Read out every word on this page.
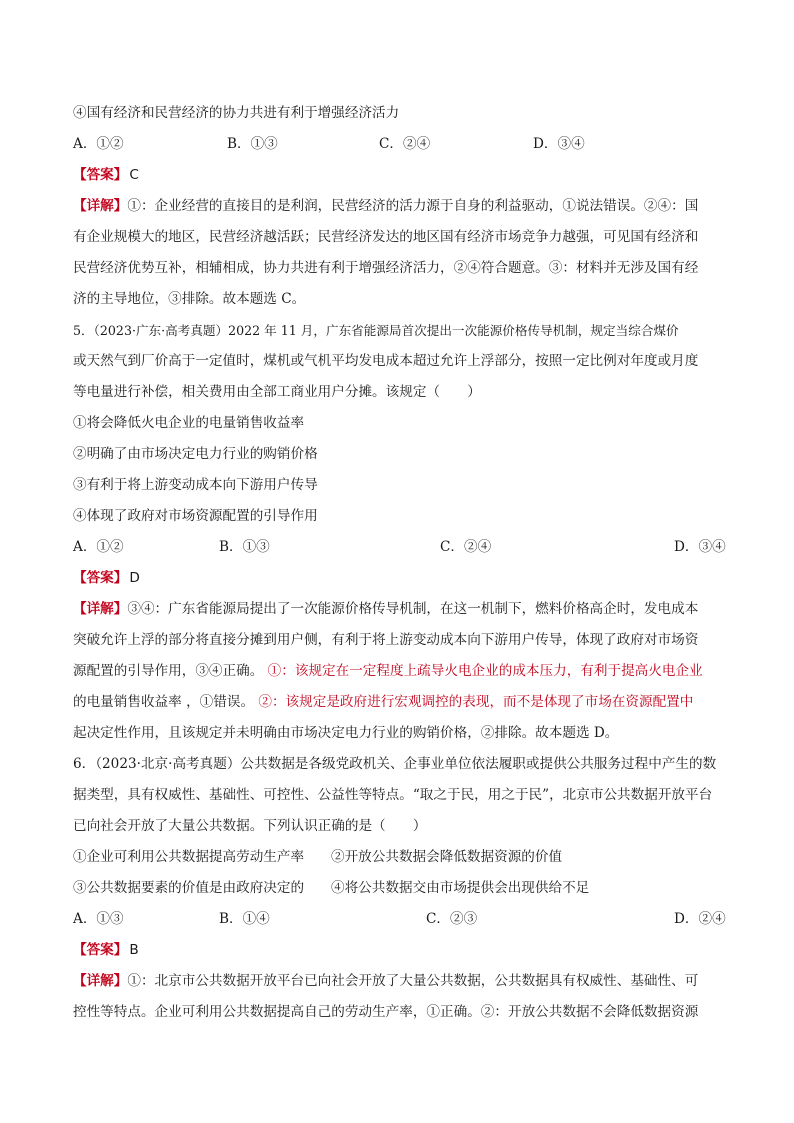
④国有经济和民营经济的协力共进有利于增强经济活力
A．①②	B．①③	C．②④	D．③④
【答案】 C
【详解】①：企业经营的直接目的是利润，民营经济的活力源于自身的利益驱动，①说法错误。②④：国
有企业规模大的地区，民营经济越活跃；民营经济发达的地区国有经济市场竞争力越强，可见国有经济和
民营经济优势互补，相辅相成，协力共进有利于增强经济活力，②④符合题意。③：材料并无涉及国有经
济的主导地位，③排除。故本题选 C。
5．（2023·广东·高考真题）2022 年 11 月，广东省能源局首次提出一次能源价格传导机制，规定当综合煤价
或天然气到厂价高于一定值时，煤机或气机平均发电成本超过允许上浮部分，按照一定比例对年度或月度
等电量进行补偿，相关费用由全部工商业用户分摊。该规定（　　）
①将会降低火电企业的电量销售收益率
②明确了由市场决定电力行业的购销价格
③有利于将上游变动成本向下游用户传导
④体现了政府对市场资源配置的引导作用
A．①②	B．①③	C．②④	D．③④
【答案】 D
【详解】③④：广东省能源局提出了一次能源价格传导机制，在这一机制下，燃料价格高企时，发电成本
突破允许上浮的部分将直接分摊到用户侧，有利于将上游变动成本向下游用户传导，体现了政府对市场资
源配置的引导作用，③④正确。 ①：该规定在一定程度上疏导火电企业的成本压力，有利于提高火电企业
的电量销售收益率 ，①错误。 ②：该规定是政府进行宏观调控的表现，而不是体现了市场在资源配置中
起决定性作用，且该规定并未明确由市场决定电力行业的购销价格，②排除。故本题选 D。
6．（2023·北京·高考真题）公共数据是各级党政机关、企事业单位依法履职或提供公共服务过程中产生的数
据类型，具有权威性、基础性、可控性、公益性等特点。“取之于民，用之于民”，北京市公共数据开放平台
已向社会开放了大量公共数据。下列认识正确的是（　　）
①企业可利用公共数据提高劳动生产率 ②开放公共数据会降低数据资源的价值
③公共数据要素的价值是由政府决定的 ④将公共数据交由市场提供会出现供给不足
A．①③	B．①④	C．②③	D．②④
【答案】 B
【详解】①：北京市公共数据开放平台已向社会开放了大量公共数据，公共数据具有权威性、基础性、可
控性等特点。企业可利用公共数据提高自己的劳动生产率，①正确。②：开放公共数据不会降低数据资源
